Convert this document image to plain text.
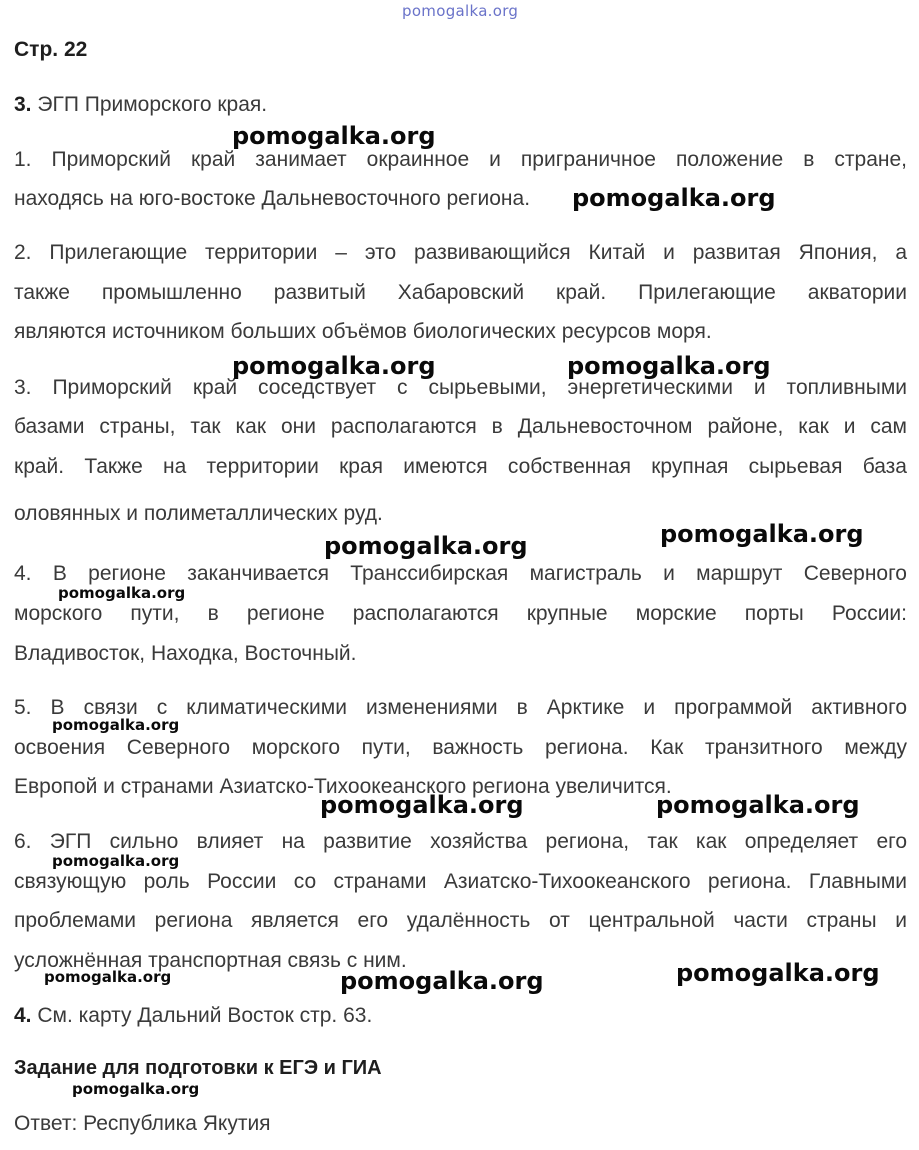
pomogalka.org
Стр. 22
3. ЭГП Приморского края.
1. Приморский край занимает окраинное и приграничное положение в стране,
находясь на юго-востоке Дальневосточного региона.
2. Прилегающие территории – это развивающийся Китай и развитая Япония, а
также промышленно развитый Хабаровский край. Прилегающие акватории
являются источником больших объёмов биологических ресурсов моря.
3. Приморский край соседствует с сырьевыми, энергетическими и топливными
базами страны, так как они располагаются в Дальневосточном районе, как и сам
край. Также на территории края имеются собственная крупная сырьевая база
оловянных и полиметаллических руд.
4. В регионе заканчивается Транссибирская магистраль и маршрут Северного
морского пути, в регионе располагаются крупные морские порты России:
Владивосток, Находка, Восточный.
5. В связи с климатическими изменениями в Арктике и программой активного
освоения Северного морского пути, важность региона. Как транзитного между
Европой и странами Азиатско-Тихоокеанского региона увеличится.
6. ЭГП сильно влияет на развитие хозяйства региона, так как определяет его
связующую роль России со странами Азиатско-Тихоокеанского региона. Главными
проблемами региона является его удалённость от центральной части страны и
усложнённая транспортная связь с ним.
4. См. карту Дальний Восток стр. 63.
Задание для подготовки к ЕГЭ и ГИА
Ответ: Республика Якутия
pomogalka.org
pomogalka.org
pomogalka.org	pomogalka.org
pomogalka.org
pomogalka.org
pomogalka.org
pomogalka.org
pomogalka.org	pomogalka.org
pomogalka.org
pomogalka.org
pomogalka.org	pomogalka.org
pomogalka.org
